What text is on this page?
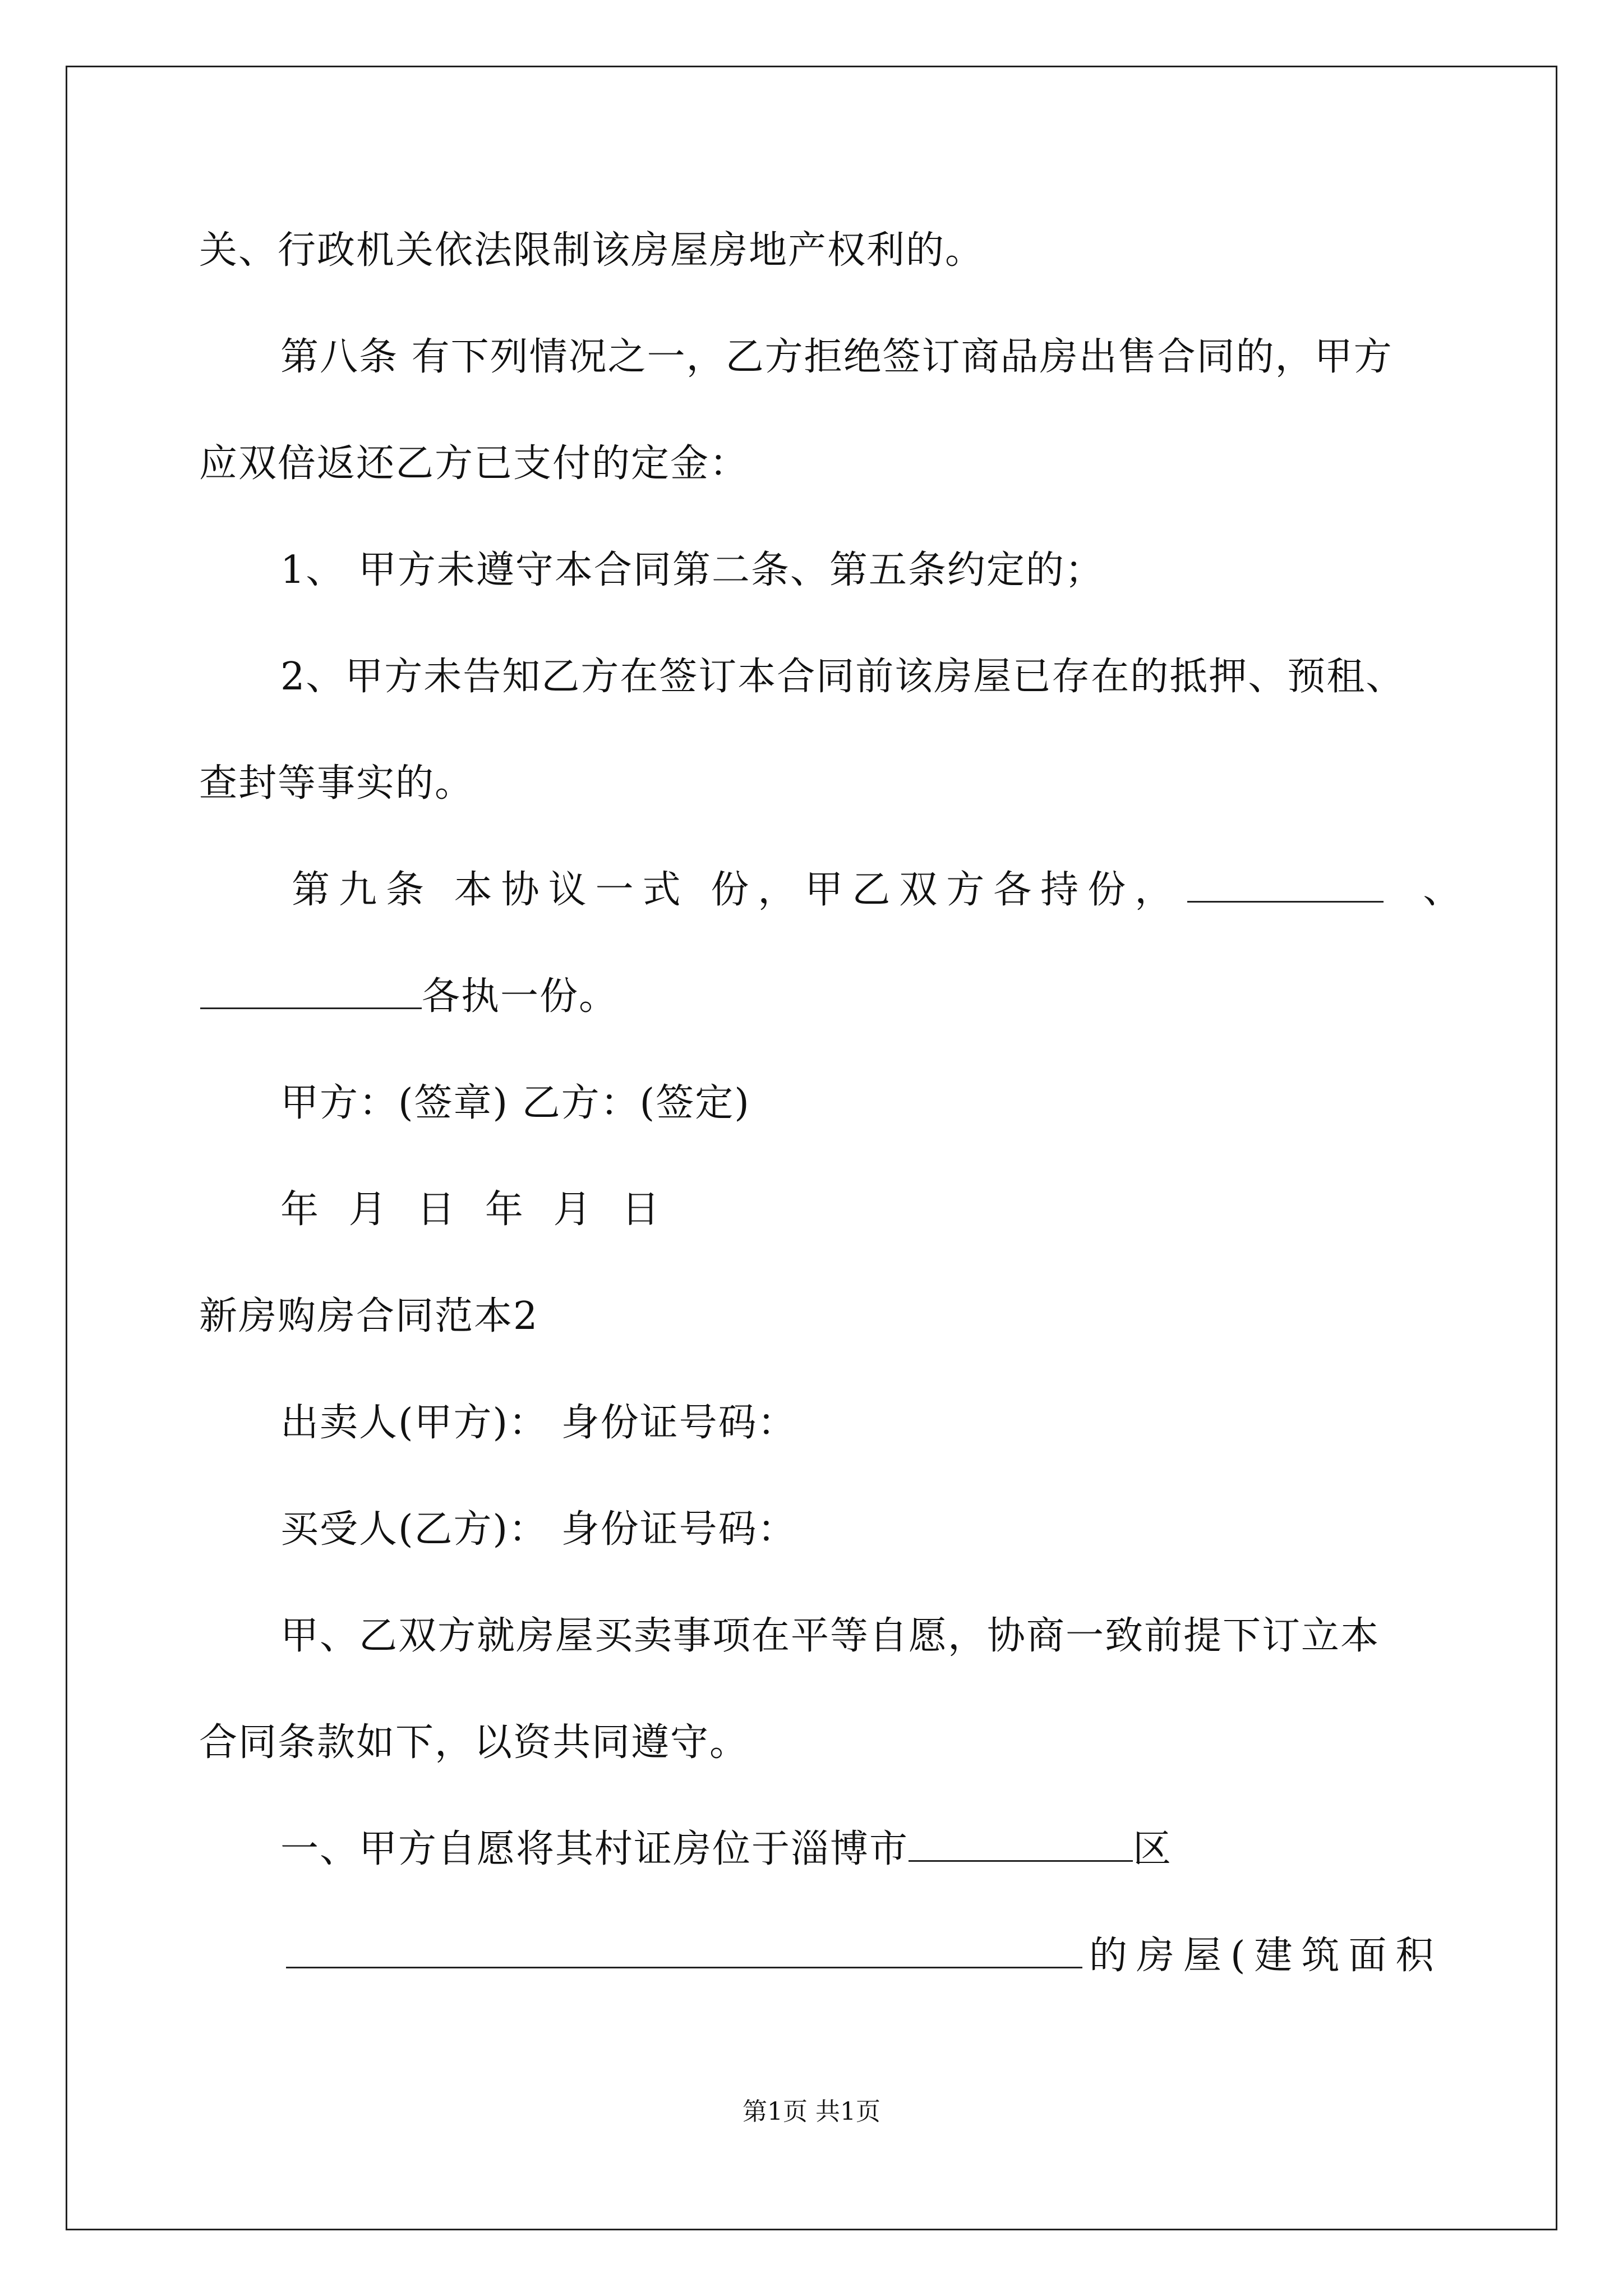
关、行政机关依法限制该房屋房地产权利的。
第八条 有下列情况之一，乙方拒绝签订商品房出售合同的，甲方
应双倍返还乙方已支付的定金：
1、 甲方未遵守本合同第二条、第五条约定的；
2、甲方未告知乙方在签订本合同前该房屋已存在的抵押、预租、
查封等事实的。
第九条 本协议一式 份，甲乙双方各持份，	、
各执一份。
甲方：(签章) 乙方：(签定)
年 月 日 年 月 日
新房购房合同范本2
出卖人(甲方)： 身份证号码：
买受人(乙方)： 身份证号码：
甲、乙双方就房屋买卖事项在平等自愿，协商一致前提下订立本
合同条款如下，以资共同遵守。
一、甲方自愿将其村证房位于淄博市	区
的房屋(建筑面积
第1页 共1页
